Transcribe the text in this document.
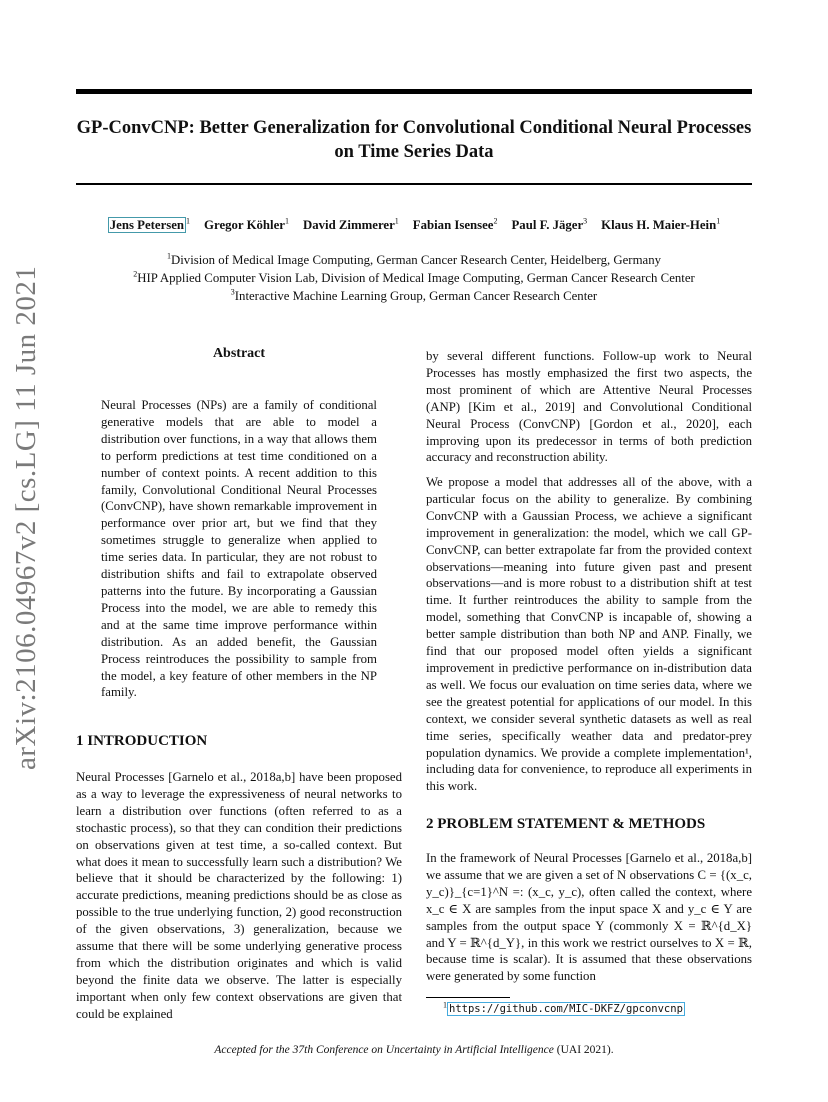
arXiv:2106.04967v2 [cs.LG] 11 Jun 2021
GP-ConvCNP: Better Generalization for Convolutional Conditional Neural Processes on Time Series Data
Jens Petersen $^1$ Gregor Köhler$^1$ David Zimmerer$^1$ Fabian Isensee$^2$ Paul F. Jäger$^3$ Klaus H. Maier-Hein$^1$
$^1$Division of Medical Image Computing, German Cancer Research Center, Heidelberg, Germany
$^2$HIP Applied Computer Vision Lab, Division of Medical Image Computing, German Cancer Research Center
$^3$Interactive Machine Learning Group, German Cancer Research Center
Abstract

Neural Processes (NPs) are a family of conditional generative models that are able to model a distribution over functions, in a way that allows them to perform predictions at test time conditioned on a number of context points. A recent addition to this family, Convolutional Conditional Neural Processes (ConvCNP), have shown remarkable improvement in performance over prior art, but we find that they sometimes struggle to generalize when applied to time series data. In particular, they are not robust to distribution shifts and fail to extrapolate observed patterns into the future. By incorporating a Gaussian Process into the model, we are able to remedy this and at the same time improve performance within distribution. As an added benefit, the Gaussian Process reintroduces the possibility to sample from the model, a key feature of other members in the NP family.

1 INTRODUCTION

Neural Processes [Garnelo et al., 2018a,b] have been proposed as a way to leverage the expressiveness of neural networks to learn a distribution over functions (often referred to as a stochastic process), so that they can condition their predictions on observations given at test time, a so-called context. But what does it mean to successfully learn such a distribution? We believe that it should be characterized by the following: 1) accurate predictions, meaning predictions should be as close as possible to the true underlying function, 2) good reconstruction of the given observations, 3) generalization, because we assume that there will be some underlying generative process from which the distribution originates and which is valid beyond the finite data we observe. The latter is especially important when only few context observations are given that could be explained

by several different functions. Follow-up work to Neural Processes has mostly emphasized the first two aspects, the most prominent of which are Attentive Neural Processes (ANP) [Kim et al., 2019] and Convolutional Conditional Neural Process (ConvCNP) [Gordon et al., 2020], each improving upon its predecessor in terms of both prediction accuracy and reconstruction ability.

We propose a model that addresses all of the above, with a particular focus on the ability to generalize. By combining ConvCNP with a Gaussian Process, we achieve a significant improvement in generalization: the model, which we call GP-ConvCNP, can better extrapolate far from the provided context observations—meaning into future given past and present observations—and is more robust to a distribution shift at test time. It further reintroduces the ability to sample from the model, something that ConvCNP is incapable of, showing a better sample distribution than both NP and ANP. Finally, we find that our proposed model often yields a significant improvement in predictive performance on in-distribution data as well. We focus our evaluation on time series data, where we see the greatest potential for applications of our model. In this context, we consider several synthetic datasets as well as real time series, specifically weather data and predator-prey population dynamics. We provide a complete implementation¹, including data for convenience, to reproduce all experiments in this work.

2 PROBLEM STATEMENT & METHODS

In the framework of Neural Processes [Garnelo et al., 2018a,b] we assume that we are given a set of N observations C = {(x_c, y_c)}_{c=1}^N =: (x_c, y_c), often called the context, where x_c ∈ X are samples from the input space X and y_c ∈ Y are samples from the output space Y (commonly X = ℝ^{d_X} and Y = ℝ^{d_Y}, in this work we restrict ourselves to X = ℝ, because time is scalar). It is assumed that these observations were generated by some function

$^1$ https://github.com/MIC-DKFZ/gpconvcnp
Accepted for the 37th Conference on Uncertainty in Artificial Intelligence (UAI 2021).
